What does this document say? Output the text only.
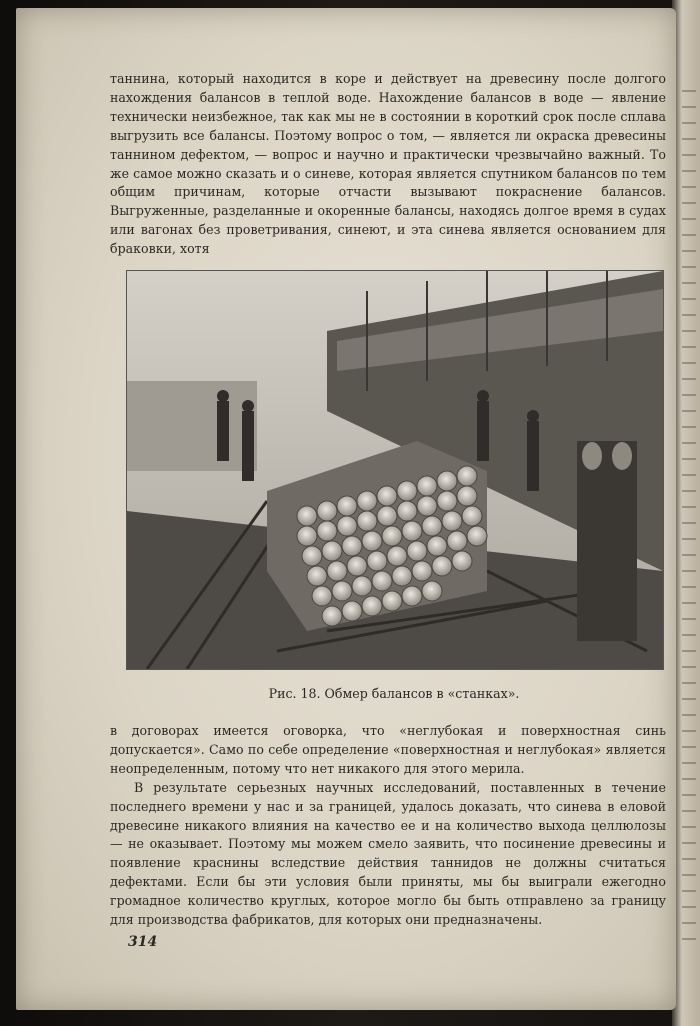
таннина, который находится в коре и действует на древесину после долгого нахождения балансов в теплой воде. Нахождение балансов в воде — явление технически неизбежное, так как мы не в состоянии в короткий срок после сплава выгрузить все балансы. Поэтому вопрос о том, — является ли окраска древесины таннином дефектом, — вопрос и научно и практически чрезвычайно важный. То же самое можно сказать и о синеве, которая является спутником балансов по тем общим причинам, которые отчасти вызывают покраснение балансов. Выгруженные, разделанные и окоренные балансы, находясь долгое время в судах или вагонах без проветривания, синеют, и эта синева является основанием для браковки, хотя

Рис. 18. Обмер балансов в «станках».

в договорах имеется оговорка, что «неглубокая и поверхностная синь допускается». Само по себе определение «поверхностная и неглубокая» является неопределенным, потому что нет никакого для этого мерила.

В результате серьезных научных исследований, поставленных в течение последнего времени у нас и за границей, удалось доказать, что синева в еловой древесине никакого влияния на качество ее и на количество выхода целлюлозы — не оказывает. Поэтому мы можем смело заявить, что посинение древесины и появление краснины вследствие действия таннидов не должны считаться дефектами. Если бы эти условия были приняты, мы бы выиграли ежегодно громадное количество круглых, которое могло бы быть отправлено за границу для производства фабрикатов, для которых они предназначены.

314
